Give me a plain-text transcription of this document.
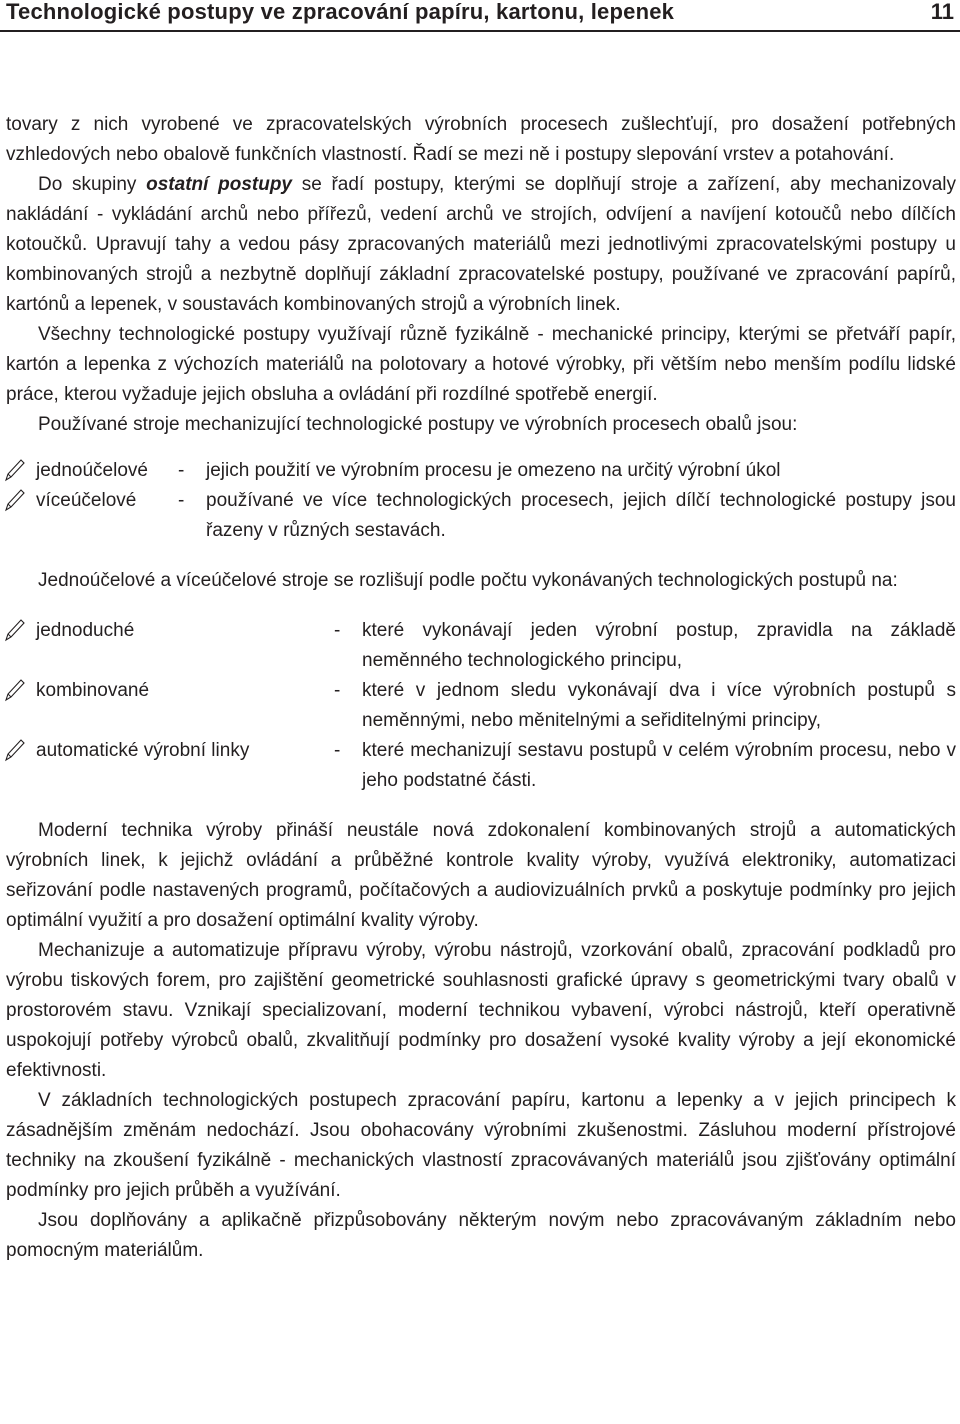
Technologické postupy ve zpracování papíru, kartonu, lepenek	11

tovary z nich vyrobené ve zpracovatelských výrobních procesech zušlechťují, pro dosažení potřebných vzhledových nebo obalově funkčních vlastností. Řadí se mezi ně i postupy slepování vrstev a potahování.

Do skupiny ostatní postupy se řadí postupy, kterými se doplňují stroje a zařízení, aby mechanizovaly nakládání - vykládání archů nebo přířezů, vedení archů ve strojích, odvíjení a navíjení kotoučů nebo dílčích kotoučků. Upravují tahy a vedou pásy zpracovaných materiálů mezi jednotlivými zpracovatelskými postupy u kombinovaných strojů a nezbytně doplňují základní zpracovatelské postupy, používané ve zpracování papírů, kartónů a lepenek, v soustavách kombinovaných strojů a výrobních linek.

Všechny technologické postupy využívají různě fyzikálně - mechanické principy, kterými se přetváří papír, kartón a lepenka z výchozích materiálů na polotovary a hotové výrobky, při větším nebo menším podílu lidské práce, kterou vyžaduje jejich obsluha a ovládání při rozdílné spotřebě energií.

Používané stroje mechanizující technologické postupy ve výrobních procesech obalů jsou:

jednoúčelové	-	jejich použití ve výrobním procesu je omezeno na určitý výrobní úkol
víceúčelové	-	používané ve více technologických procesech, jejich dílčí technologické postupy jsou řazeny v různých sestavách.

Jednoúčelové a víceúčelové stroje se rozlišují podle počtu vykonávaných technologických postupů na:

jednoduché	-	které vykonávají jeden výrobní postup, zpravidla na základě neměnného technologického principu,
kombinované	-	které v jednom sledu vykonávají dva i více výrobních postupů s neměnnými, nebo měnitelnými a seřiditelnými principy,
automatické výrobní linky	-	které mechanizují sestavu postupů v celém výrobním procesu, nebo v jeho podstatné části.

Moderní technika výroby přináší neustále nová zdokonalení kombinovaných strojů a automatických výrobních linek, k jejichž ovládání a průběžné kontrole kvality výroby, využívá elektroniky, automatizaci seřizování podle nastavených programů, počítačových a audiovizuálních prvků a poskytuje podmínky pro jejich optimální využití a pro dosažení optimální kvality výroby.

Mechanizuje a automatizuje přípravu výroby, výrobu nástrojů, vzorkování obalů, zpracování podkladů pro výrobu tiskových forem, pro zajištění geometrické souhlasnosti grafické úpravy s geometrickými tvary obalů v prostorovém stavu. Vznikají specializovaní, moderní technikou vybavení, výrobci nástrojů, kteří operativně uspokojují potřeby výrobců obalů, zkvalitňují podmínky pro dosažení vysoké kvality výroby a její ekonomické efektivnosti.

V základních technologických postupech zpracování papíru, kartonu a lepenky a v jejich principech k zásadnějším změnám nedochází. Jsou obohacovány výrobními zkušenostmi. Zásluhou moderní přístrojové techniky na zkoušení fyzikálně - mechanických vlastností zpracovávaných materiálů jsou zjišťovány optimální podmínky pro jejich průběh a využívání.

Jsou doplňovány a aplikačně přizpůsobovány některým novým nebo zpracovávaným základním nebo pomocným materiálům.
